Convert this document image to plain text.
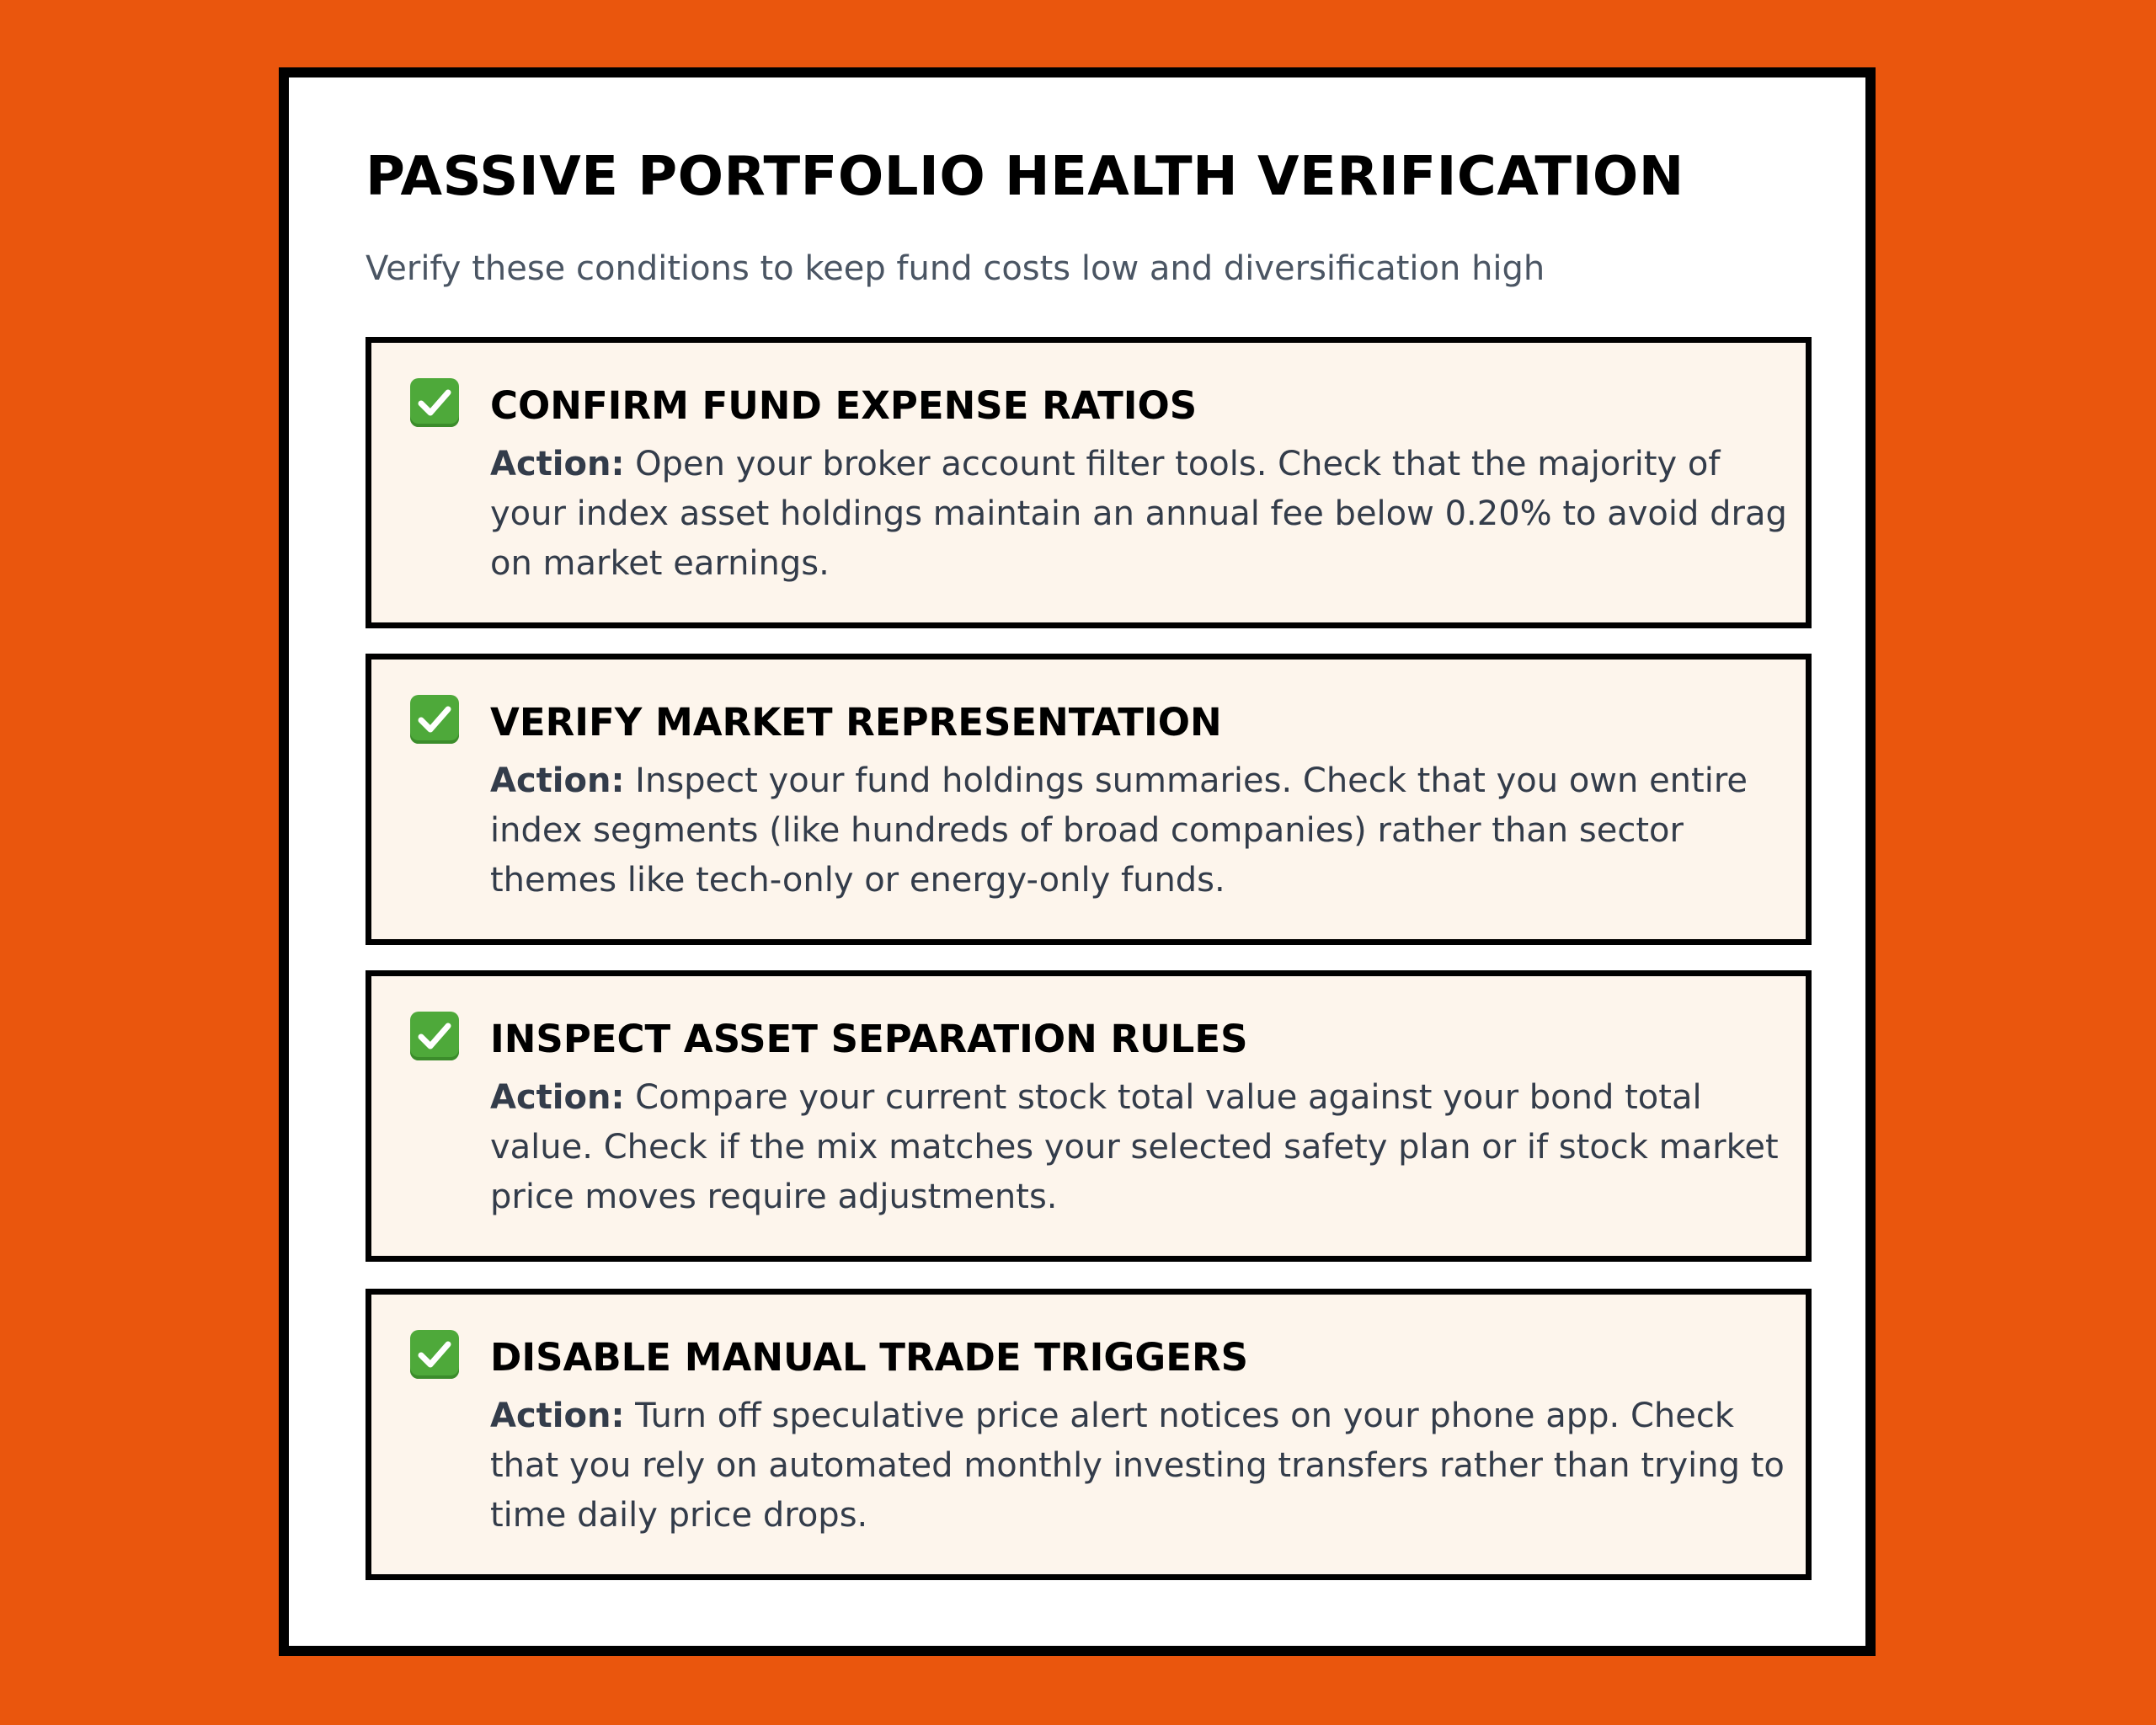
PASSIVE PORTFOLIO HEALTH VERIFICATION

Verify these conditions to keep fund costs low and diversification high

CONFIRM FUND EXPENSE RATIOS

Action: Open your broker account filter tools. Check that the majority of your index asset holdings maintain an annual fee below 0.20% to avoid drag on market earnings.

VERIFY MARKET REPRESENTATION

Action: Inspect your fund holdings summaries. Check that you own entire index segments (like hundreds of broad companies) rather than sector themes like tech-only or energy-only funds.

INSPECT ASSET SEPARATION RULES

Action: Compare your current stock total value against your bond total value. Check if the mix matches your selected safety plan or if stock market price moves require adjustments.

DISABLE MANUAL TRADE TRIGGERS

Action: Turn off speculative price alert notices on your phone app. Check that you rely on automated monthly investing transfers rather than trying to time daily price drops.
